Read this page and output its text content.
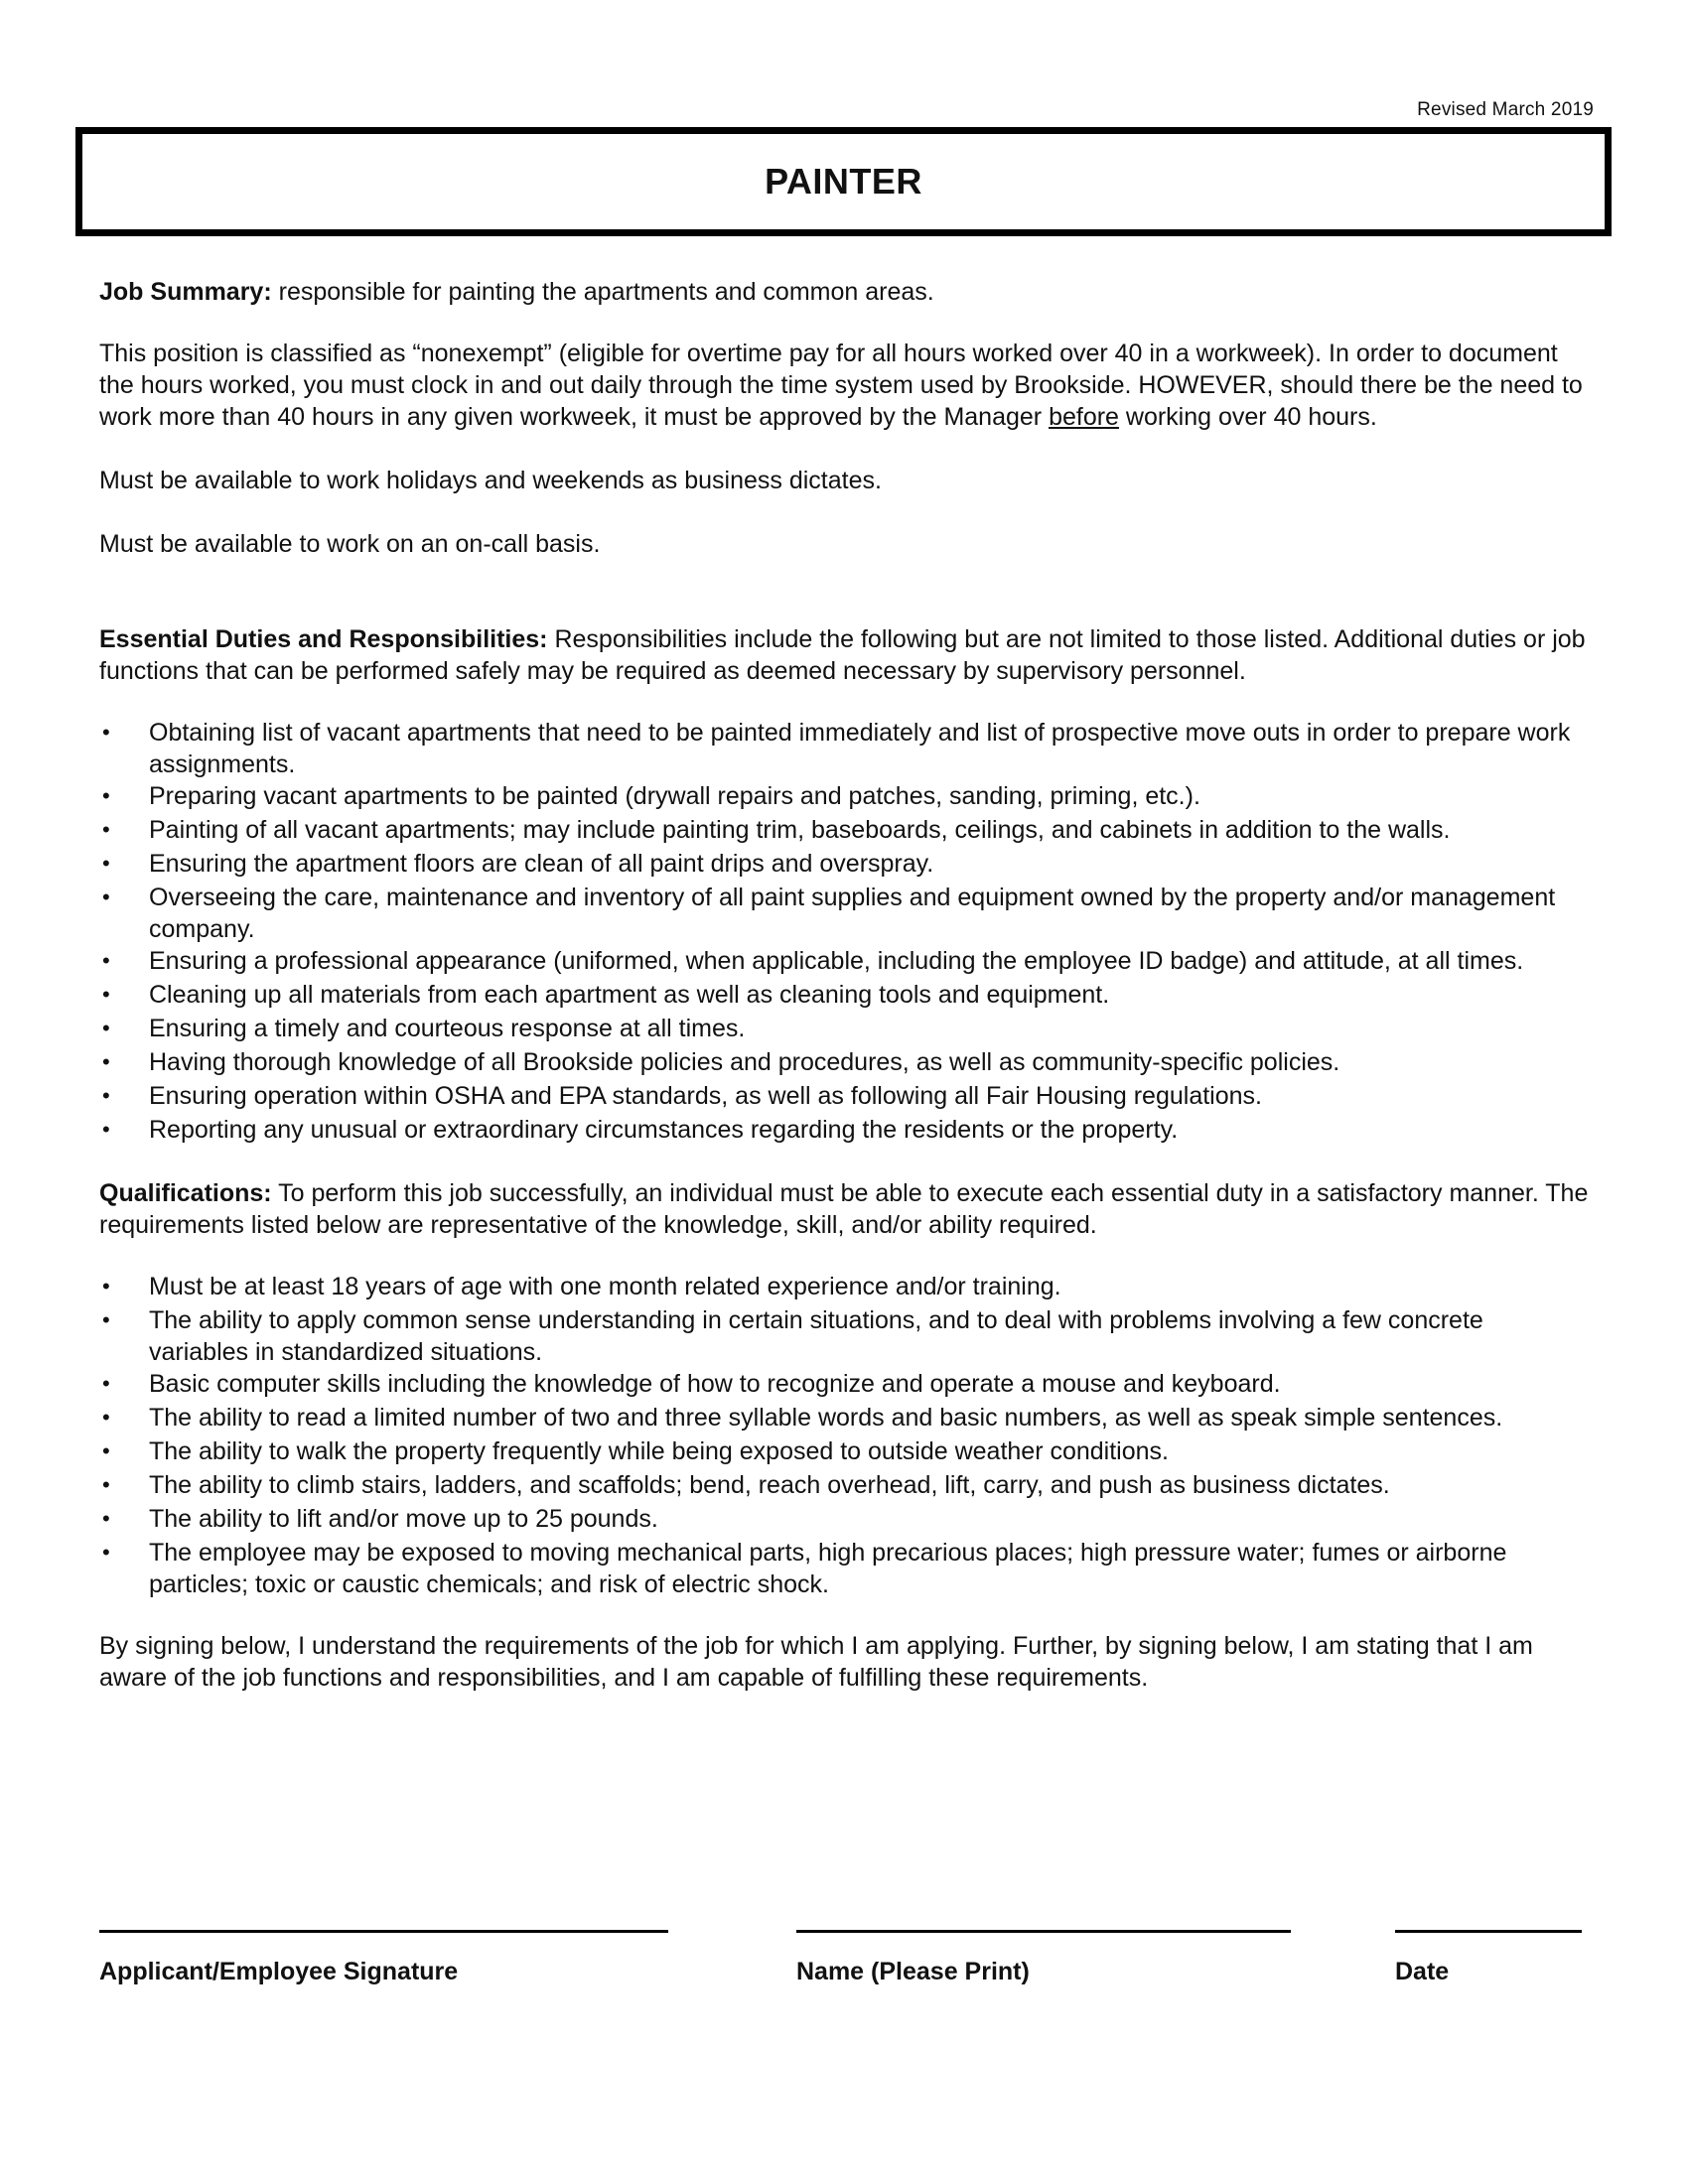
Revised March 2019
PAINTER

Job Summary: responsible for painting the apartments and common areas.

This position is classified as “nonexempt” (eligible for overtime pay for all hours worked over 40 in a workweek). In order to document the hours worked, you must clock in and out daily through the time system used by Brookside. HOWEVER, should there be the need to work more than 40 hours in any given workweek, it must be approved by the Manager before working over 40 hours.

Must be available to work holidays and weekends as business dictates.

Must be available to work on an on-call basis.

Essential Duties and Responsibilities: Responsibilities include the following but are not limited to those listed. Additional duties or job functions that can be performed safely may be required as deemed necessary by supervisory personnel.

• Obtaining list of vacant apartments that need to be painted immediately and list of prospective move outs in order to prepare work assignments.
• Preparing vacant apartments to be painted (drywall repairs and patches, sanding, priming, etc.).
• Painting of all vacant apartments; may include painting trim, baseboards, ceilings, and cabinets in addition to the walls.
• Ensuring the apartment floors are clean of all paint drips and overspray.
• Overseeing the care, maintenance and inventory of all paint supplies and equipment owned by the property and/or management company.
• Ensuring a professional appearance (uniformed, when applicable, including the employee ID badge) and attitude, at all times.
• Cleaning up all materials from each apartment as well as cleaning tools and equipment.
• Ensuring a timely and courteous response at all times.
• Having thorough knowledge of all Brookside policies and procedures, as well as community-specific policies.
• Ensuring operation within OSHA and EPA standards, as well as following all Fair Housing regulations.
• Reporting any unusual or extraordinary circumstances regarding the residents or the property.

Qualifications: To perform this job successfully, an individual must be able to execute each essential duty in a satisfactory manner. The requirements listed below are representative of the knowledge, skill, and/or ability required.

• Must be at least 18 years of age with one month related experience and/or training.
• The ability to apply common sense understanding in certain situations, and to deal with problems involving a few concrete variables in standardized situations.
• Basic computer skills including the knowledge of how to recognize and operate a mouse and keyboard.
• The ability to read a limited number of two and three syllable words and basic numbers, as well as speak simple sentences.
• The ability to walk the property frequently while being exposed to outside weather conditions.
• The ability to climb stairs, ladders, and scaffolds; bend, reach overhead, lift, carry, and push as business dictates.
• The ability to lift and/or move up to 25 pounds.
• The employee may be exposed to moving mechanical parts, high precarious places; high pressure water; fumes or airborne particles; toxic or caustic chemicals; and risk of electric shock.

By signing below, I understand the requirements of the job for which I am applying. Further, by signing below, I am stating that I am aware of the job functions and responsibilities, and I am capable of fulfilling these requirements.

Applicant/Employee Signature	Name (Please Print)	Date
